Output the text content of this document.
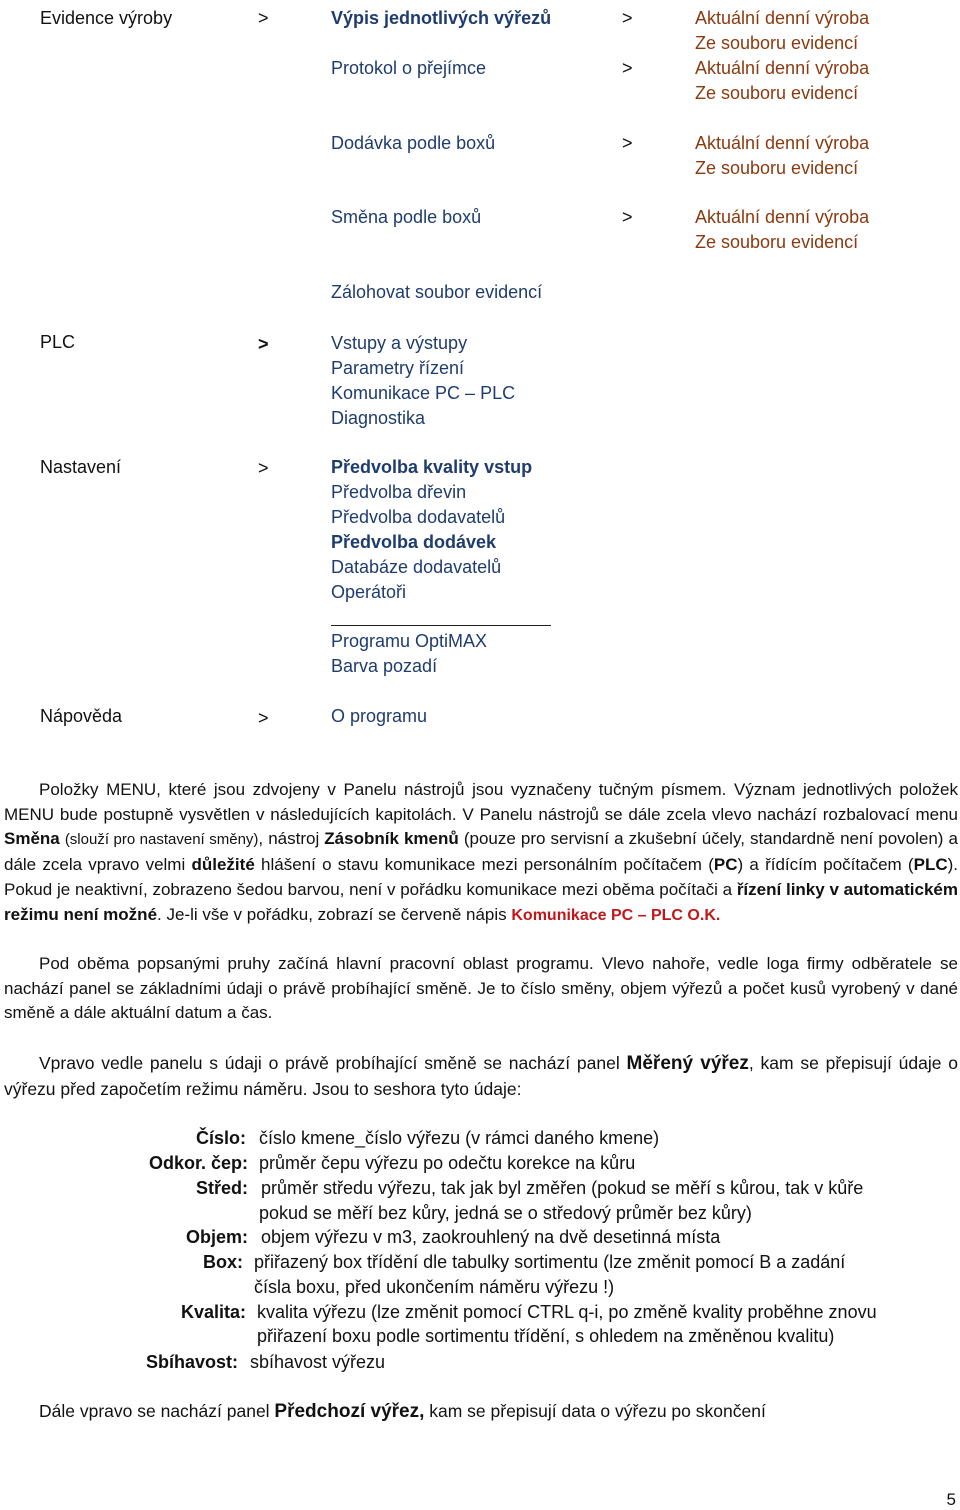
Evidence výroby
PLC
Nastavení
Nápověda
>
>
>
>
Výpis jednotlivých výřezů
Protokol o přejímce
Dodávka podle boxů
Směna podle boxů
Zálohovat soubor evidencí
Vstupy a výstupy
Parametry řízení
Komunikace PC – PLC
Diagnostika
Předvolba kvality vstup
Předvolba dřevin
Předvolba dodavatelů
Předvolba dodávek
Databáze dodavatelů
Operátoři
Programu OptiMAX
Barva pozadí
O programu
>
>
>
>
Aktuální denní výroba
Ze souboru evidencí
Aktuální denní výroba
Ze souboru evidencí
Aktuální denní výroba
Ze souboru evidencí
Aktuální denní výroba
Ze souboru evidencí
Položky MENU, které jsou zdvojeny v Panelu nástrojů jsou vyznačeny tučným písmem. Význam jednotlivých položek MENU bude postupně vysvětlen v následujících kapitolách. V Panelu nástrojů se dále zcela vlevo nachází rozbalovací menu Směna (slouží pro nastavení směny), nástroj Zásobník kmenů (pouze pro servisní a zkušební účely, standardně není povolen) a dále zcela vpravo velmi důležité hlášení o stavu komunikace mezi personálním počítačem (PC) a řídícím počítačem (PLC). Pokud je neaktivní, zobrazeno šedou barvou, není v pořádku komunikace mezi oběma počítači a řízení linky v automatickém režimu není možné. Je-li vše v pořádku, zobrazí se červeně nápis Komunikace PC – PLC O.K.
Pod oběma popsanými pruhy začíná hlavní pracovní oblast programu. Vlevo nahoře, vedle loga firmy odběratele se nachází panel se základními údaji o právě probíhající směně. Je to číslo směny, objem výřezů a počet kusů vyrobený v dané směně a dále aktuální datum a čas.
Vpravo vedle panelu s údaji o právě probíhající směně se nachází panel Měřený výřez, kam se přepisují údaje o výřezu před započetím režimu náměru. Jsou to seshora tyto údaje:
Číslo: číslo kmene_číslo výřezu (v rámci daného kmene)
Odkor. čep: průměr čepu výřezu po odečtu korekce na kůru
Střed: průměr středu výřezu, tak jak byl změřen (pokud se měří s kůrou, tak v kůře
pokud se měří bez kůry, jedná se o středový průměr bez kůry)
Objem: objem výřezu v m3, zaokrouhlený na dvě desetinná místa
Box: přiřazený box třídění dle tabulky sortimentu (lze změnit pomocí B a zadání
čísla boxu, před ukončením náměru výřezu !)
Kvalita: kvalita výřezu (lze změnit pomocí CTRL q-i, po změně kvality proběhne znovu
přiřazení boxu podle sortimentu třídění, s ohledem na změněnou kvalitu)
Sbíhavost: sbíhavost výřezu
Dále vpravo se nachází panel Předchozí výřez, kam se přepisují data o výřezu po skončení
5
